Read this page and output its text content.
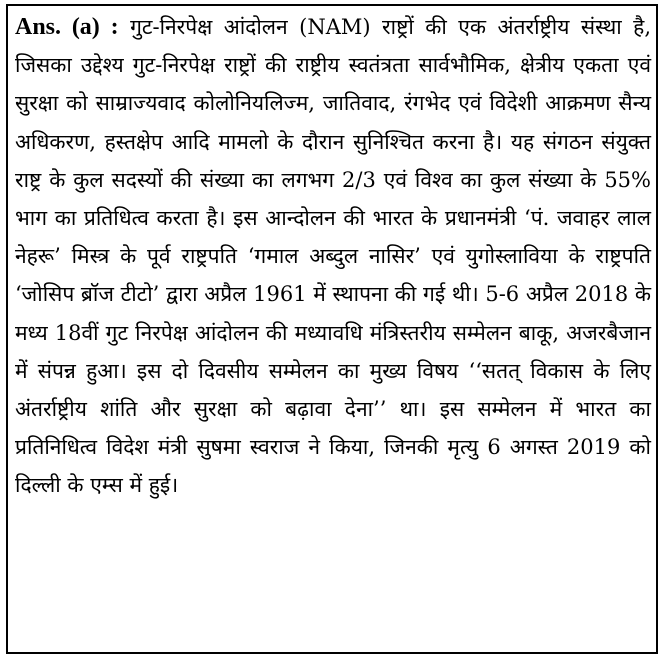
Ans. (a) : गुट-निरपेक्ष आंदोलन (NAM) राष्ट्रों की एक अंतर्राष्ट्रीय संस्था है, जिसका उद्देश्य गुट-निरपेक्ष राष्ट्रों की राष्ट्रीय स्वतंत्रता सार्वभौमिक, क्षेत्रीय एकता एवं सुरक्षा को साम्राज्यवाद कोलोनियलिज्म, जातिवाद, रंगभेद एवं विदेशी आक्रमण सैन्य अधिकरण, हस्तक्षेप आदि मामलो के दौरान सुनिश्चित करना है। यह संगठन संयुक्त राष्ट्र के कुल सदस्यों की संख्या का लगभग 2/3 एवं विश्व का कुल संख्या के 55% भाग का प्रतिधित्व करता है। इस आन्दोलन की भारत के प्रधानमंत्री ‘पं. जवाहर लाल नेहरू’ मिस्त्र के पूर्व राष्ट्रपति ‘गमाल अब्दुल नासिर’ एवं युगोस्लाविया के राष्ट्रपति ‘जोसिप ब्रॉज टीटो’ द्वारा अप्रैल 1961 में स्थापना की गई थी। 5-6 अप्रैल 2018 के मध्य 18वीं गुट निरपेक्ष आंदोलन की मध्यावधि मंत्रिस्तरीय सम्मेलन बाकू, अजरबैजान में संपन्न हुआ। इस दो दिवसीय सम्मेलन का मुख्य विषय ‘‘सतत् विकास के लिए अंतर्राष्ट्रीय शांति और सुरक्षा को बढ़ावा देना’’ था। इस सम्मेलन में भारत का प्रतिनिधित्व विदेश मंत्री सुषमा स्वराज ने किया, जिनकी मृत्यु 6 अगस्त 2019 को दिल्ली के एम्स में हुई।
